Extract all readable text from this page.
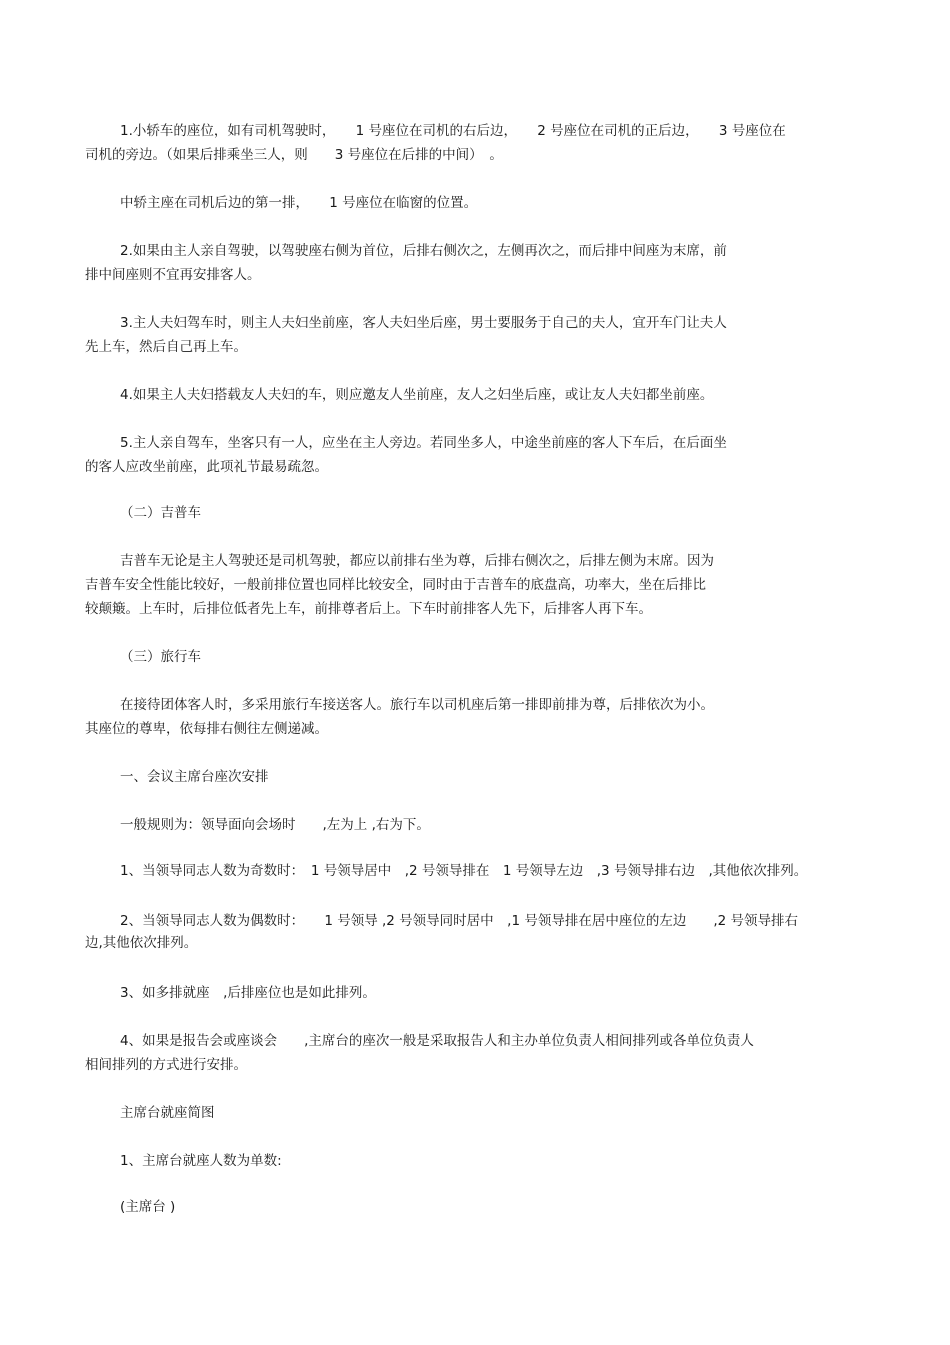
1.小轿车的座位，如有司机驾驶时，　　1 号座位在司机的右后边，　　2 号座位在司机的正后边，　　3 号座位在
司机的旁边。（如果后排乘坐三人，则　　3 号座位在后排的中间）　。
中轿主座在司机后边的第一排，　　1 号座位在临窗的位置。
2.如果由主人亲自驾驶，以驾驶座右侧为首位，后排右侧次之，左侧再次之，而后排中间座为末席，前
排中间座则不宜再安排客人。
3.主人夫妇驾车时，则主人夫妇坐前座，客人夫妇坐后座，男士要服务于自己的夫人，宜开车门让夫人
先上车，然后自己再上车。
4.如果主人夫妇搭载友人夫妇的车，则应邀友人坐前座，友人之妇坐后座，或让友人夫妇都坐前座。
5.主人亲自驾车，坐客只有一人，应坐在主人旁边。若同坐多人，中途坐前座的客人下车后，在后面坐
的客人应改坐前座，此项礼节最易疏忽。
（二）吉普车
吉普车无论是主人驾驶还是司机驾驶，都应以前排右坐为尊，后排右侧次之，后排左侧为末席。因为
吉普车安全性能比较好，一般前排位置也同样比较安全，同时由于吉普车的底盘高，功率大，坐在后排比
较颠簸。上车时，后排位低者先上车，前排尊者后上。下车时前排客人先下，后排客人再下车。
（三）旅行车
在接待团体客人时，多采用旅行车接送客人。旅行车以司机座后第一排即前排为尊，后排依次为小。
其座位的尊卑，依每排右侧往左侧递减。
一、会议主席台座次安排
一般规则为：领导面向会场时　　,左为上 ,右为下。
1、当领导同志人数为奇数时：　1 号领导居中　,2 号领导排在　1 号领导左边　,3 号领导排右边　,其他依次排列。
2、当领导同志人数为偶数时：　　1 号领导 ,2 号领导同时居中　,1 号领导排在居中座位的左边　　,2 号领导排右
边,其他依次排列。
3、如多排就座　,后排座位也是如此排列。
4、如果是报告会或座谈会　　,主席台的座次一般是采取报告人和主办单位负责人相间排列或各单位负责人
相间排列的方式进行安排。
主席台就座简图
1、主席台就座人数为单数:
(主席台 )
